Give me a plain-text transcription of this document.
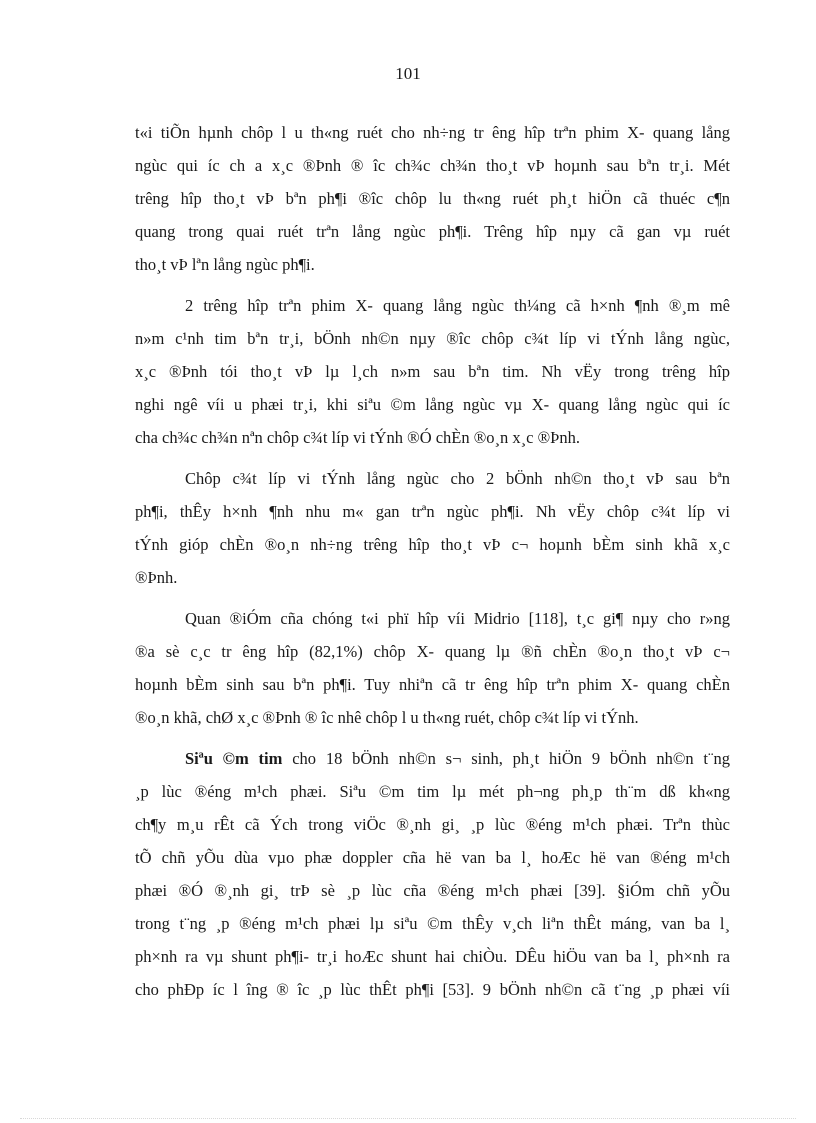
101
t«i tiÕn hµnh chôp l u th«ng ruét cho nh÷ng tr êng hîp trªn phim X- quang lång
ngùc qui íc ch a x¸c ®Þnh ® îc ch¾c ch¾n tho¸t vÞ hoµnh sau bªn tr¸i. Mét
trêng hîp tho¸t vÞ bªn ph¶i ®îc chôp lu th«ng ruét ph¸t hiÖn cã thuéc c¶n
quang trong quai ruét trªn lång ngùc ph¶i. Trêng hîp nµy cã gan vµ ruét
tho¸t vÞ lªn lång ngùc ph¶i.
2 trêng hîp trªn phim X- quang lång ngùc th¼ng cã h×nh ¶nh ®¸m mê
n»m c¹nh tim bªn tr¸i, bÖnh nh©n nµy ®îc chôp c¾t líp vi tÝnh lång ngùc,
x¸c ®Þnh tói tho¸t vÞ lµ l¸ch n»m sau bªn tim. Nh vËy trong trêng hîp
nghi ngê víi u phæi tr¸i, khi siªu ©m lång ngùc vµ X- quang lång ngùc qui íc
cha ch¾c ch¾n nªn chôp c¾t líp vi tÝnh ®Ó chÈn ®o¸n x¸c ®Þnh.
Chôp c¾t líp vi tÝnh lång ngùc cho 2 bÖnh nh©n tho¸t vÞ sau bªn
ph¶i, thÊy h×nh ¶nh nhu m« gan trªn ngùc ph¶i. Nh vËy chôp c¾t líp vi
tÝnh gióp chÈn ®o¸n nh÷ng trêng hîp tho¸t vÞ c¬ hoµnh bÈm sinh khã x¸c
®Þnh.
Quan ®iÓm cña chóng t«i phï hîp víi Midrio [118], t¸c gi¶ nµy cho r»ng
®a sè c¸c tr êng hîp (82,1%) chôp X- quang lµ ®ñ chÈn ®o¸n tho¸t vÞ c¬
hoµnh bÈm sinh sau bªn ph¶i. Tuy nhiªn cã tr êng hîp trªn phim X- quang chÈn
®o¸n khã, chØ x¸c ®Þnh ® îc nhê chôp l u th«ng ruét, chôp c¾t líp vi tÝnh.
Siªu ©m tim cho 18 bÖnh nh©n s¬ sinh, ph¸t hiÖn 9 bÖnh nh©n t¨ng
¸p lùc ®éng m¹ch phæi. Siªu ©m tim lµ mét ph¬ng ph¸p th¨m dß kh«ng
ch¶y m¸u rÊt cã Ých trong viÖc ®¸nh gi¸ ¸p lùc ®éng m¹ch phæi. Trªn thùc
tÕ chñ yÕu dùa vµo phæ doppler cña hë van ba l¸ hoÆc hë van ®éng m¹ch
phæi ®Ó ®¸nh gi¸ trÞ sè ¸p lùc cña ®éng m¹ch phæi [39]. §iÓm chñ yÕu
trong t¨ng ¸p ®éng m¹ch phæi lµ siªu ©m thÊy v¸ch liªn thÊt máng, van ba l¸
ph×nh ra vµ shunt ph¶i- tr¸i hoÆc shunt hai chiÒu. DÊu hiÖu van ba l¸ ph×nh ra
cho phÐp íc l îng ® îc ¸p lùc thÊt ph¶i [53]. 9 bÖnh nh©n cã t¨ng ¸p phæi víi
